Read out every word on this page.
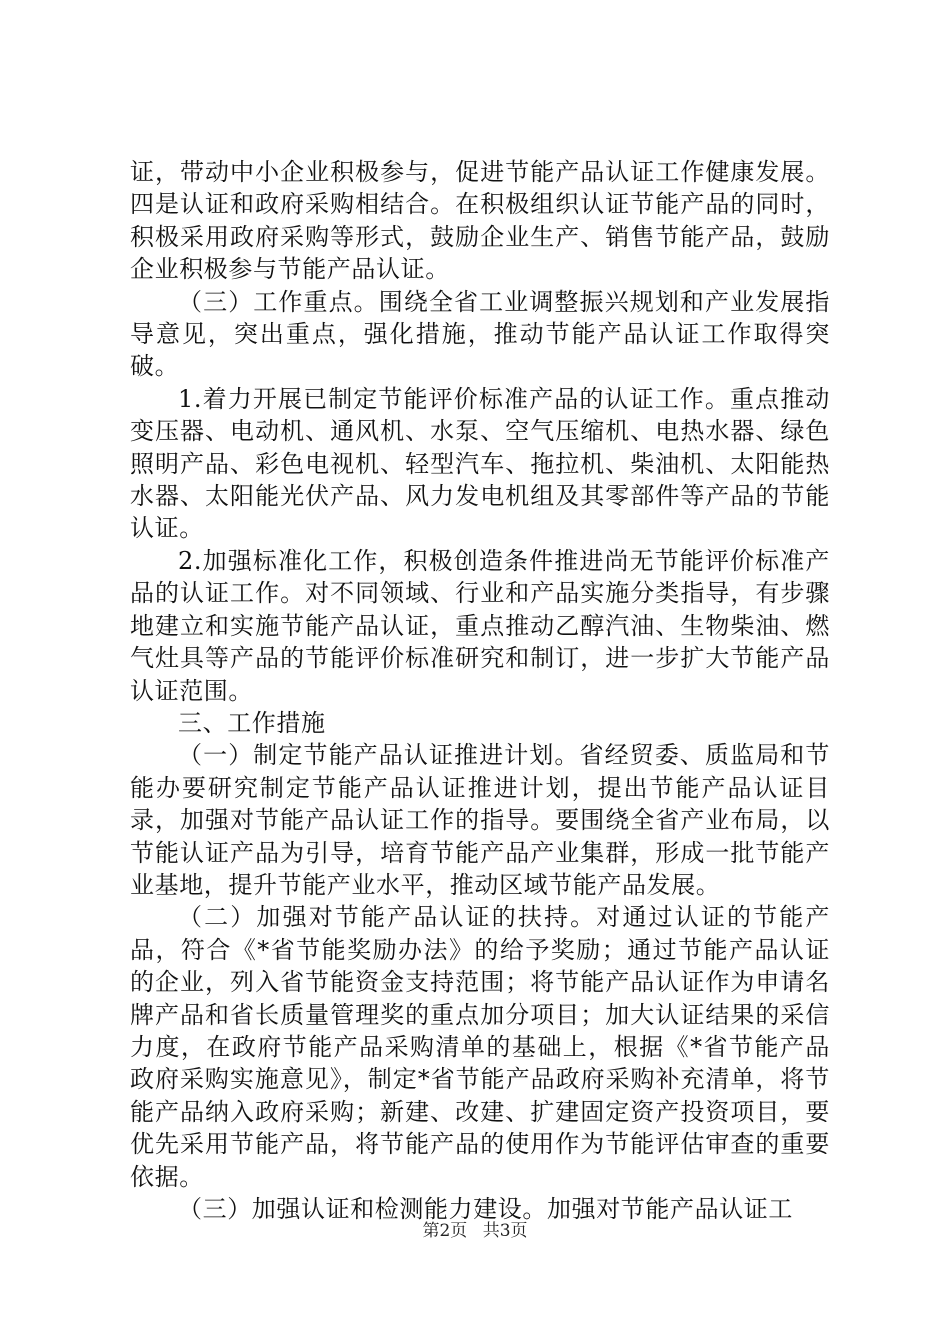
证，带动中小企业积极参与，促进节能产品认证工作健康发展。四是认证和政府采购相结合。在积极组织认证节能产品的同时，积极采用政府采购等形式，鼓励企业生产、销售节能产品，鼓励企业积极参与节能产品认证。

（三）工作重点。围绕全省工业调整振兴规划和产业发展指导意见，突出重点，强化措施，推动节能产品认证工作取得突破。

1.着力开展已制定节能评价标准产品的认证工作。重点推动变压器、电动机、通风机、水泵、空气压缩机、电热水器、绿色照明产品、彩色电视机、轻型汽车、拖拉机、柴油机、太阳能热水器、太阳能光伏产品、风力发电机组及其零部件等产品的节能认证。

2.加强标准化工作，积极创造条件推进尚无节能评价标准产品的认证工作。对不同领域、行业和产品实施分类指导，有步骤地建立和实施节能产品认证，重点推动乙醇汽油、生物柴油、燃气灶具等产品的节能评价标准研究和制订，进一步扩大节能产品认证范围。

三、工作措施

（一）制定节能产品认证推进计划。省经贸委、质监局和节能办要研究制定节能产品认证推进计划，提出节能产品认证目录，加强对节能产品认证工作的指导。要围绕全省产业布局，以节能认证产品为引导，培育节能产品产业集群，形成一批节能产业基地，提升节能产业水平，推动区域节能产品发展。

（二）加强对节能产品认证的扶持。对通过认证的节能产品，符合《*省节能奖励办法》的给予奖励；通过节能产品认证的企业，列入省节能资金支持范围；将节能产品认证作为申请名牌产品和省长质量管理奖的重点加分项目；加大认证结果的采信力度，在政府节能产品采购清单的基础上，根据《*省节能产品政府采购实施意见》，制定*省节能产品政府采购补充清单，将节能产品纳入政府采购；新建、改建、扩建固定资产投资项目，要优先采用节能产品，将节能产品的使用作为节能评估审查的重要依据。

（三）加强认证和检测能力建设。加强对节能产品认证工

第2页 共3页
